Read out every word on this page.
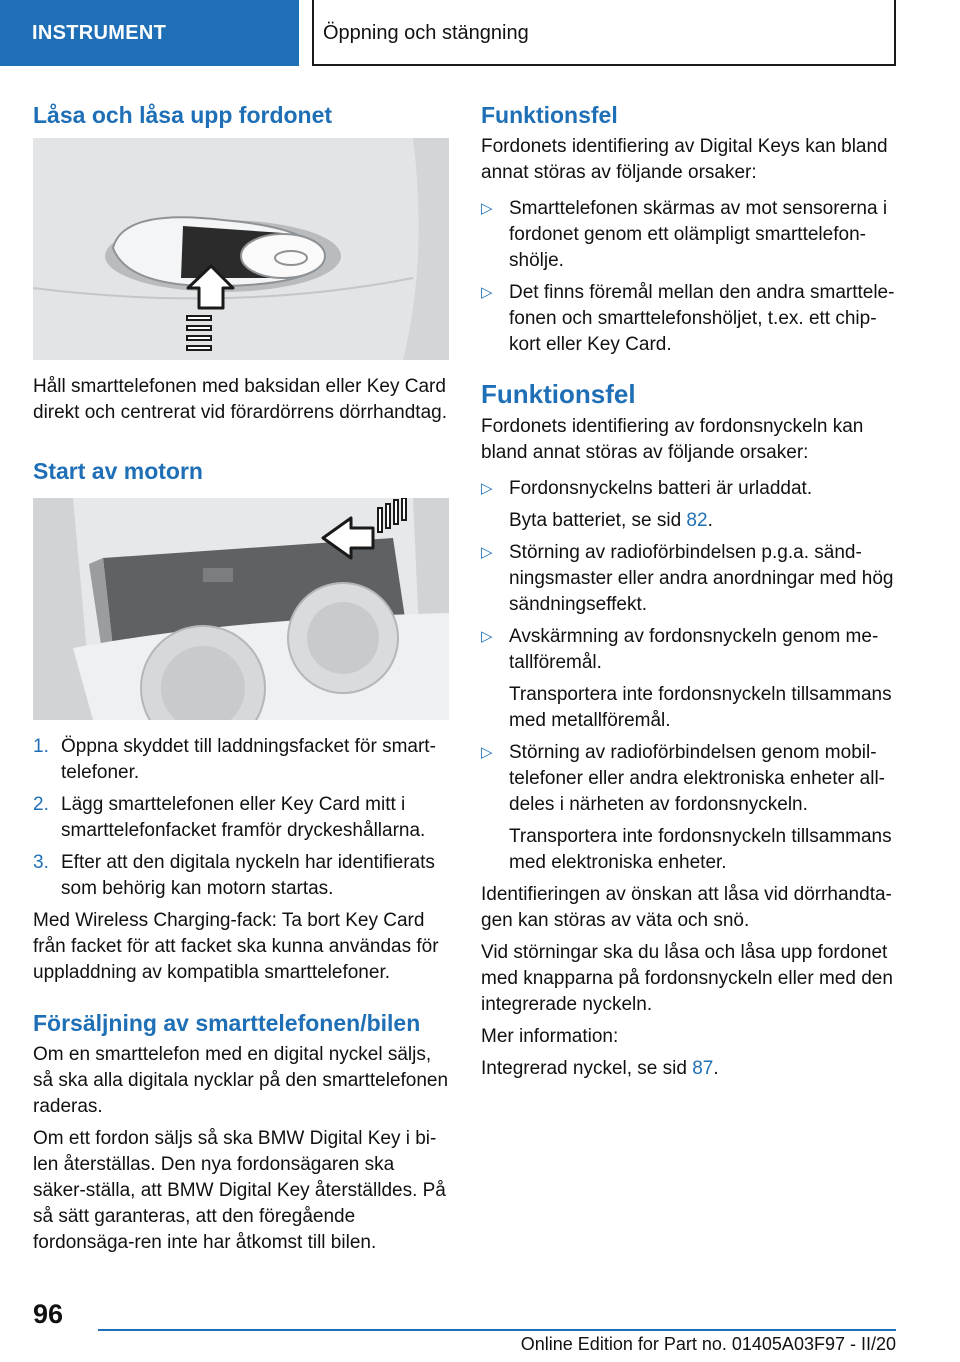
INSTRUMENT	Öppning och stängning
Låsa och låsa upp fordonet

Håll smarttelefonen med baksidan eller Key Card direkt och centrerat vid förardörrens dörrhandtag.

Start av motorn
1. Öppna skyddet till laddningsfacket för smart-telefoner.
2. Lägg smarttelefonen eller Key Card mitt i smarttelefonfacket framför dryckeshållarna.
3. Efter att den digitala nyckeln har identifierats som behörig kan motorn startas.

Med Wireless Charging-fack: Ta bort Key Card från facket för att facket ska kunna användas för uppladdning av kompatibla smarttelefoner.

Försäljning av smarttelefonen/bilen

Om en smarttelefon med en digital nyckel säljs, så ska alla digitala nycklar på den smarttelefonen raderas.

Om ett fordon säljs så ska BMW Digital Key i bi-len återställas. Den nya fordonsägaren ska säker-ställa, att BMW Digital Key återställdes. På så sätt garanteras, att den föregående fordonsäga-ren inte har åtkomst till bilen.

Funktionsfel

Fordonets identifiering av Digital Keys kan bland annat störas av följande orsaker:

▷ Smarttelefonen skärmas av mot sensorerna i fordonet genom ett olämpligt smarttelefon-shölje.
▷ Det finns föremål mellan den andra smarttele-fonen och smarttelefonshöljet, t.ex. ett chip-kort eller Key Card.
Funktionsfel

Fordonets identifiering av fordonsnyckeln kan bland annat störas av följande orsaker:

▷ Fordonsnyckelns batteri är urladdat.
Byta batteriet, se sid 82.
▷ Störning av radioförbindelsen p.g.a. sänd-ningsmaster eller andra anordningar med hög sändningseffekt.
▷ Avskärmning av fordonsnyckeln genom me-tallföremål.
Transportera inte fordonsnyckeln tillsammans med metallföremål.
▷ Störning av radioförbindelsen genom mobil-telefoner eller andra elektroniska enheter all-deles i närheten av fordonsnyckeln.
Transportera inte fordonsnyckeln tillsammans med elektroniska enheter.

Identifieringen av önskan att låsa vid dörrhandta-gen kan störas av väta och snö.

Vid störningar ska du låsa och låsa upp fordonet med knapparna på fordonsnyckeln eller med den integrerade nyckeln.

Mer information:

Integrerad nyckel, se sid 87.

96
Online Edition for Part no. 01405A03F97 - II/20
